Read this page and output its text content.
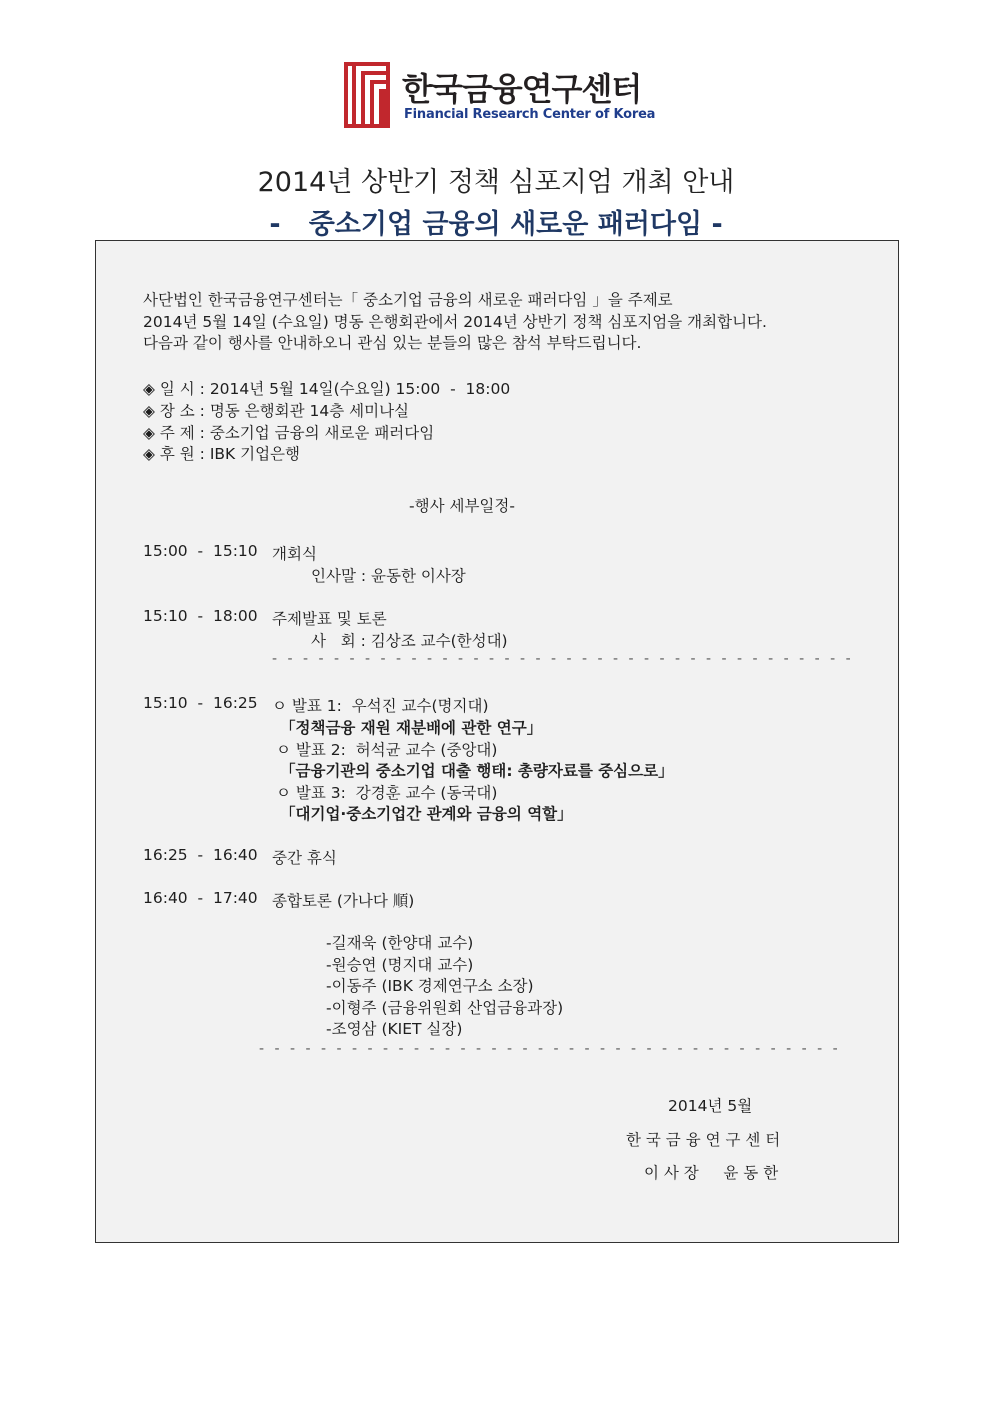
한국금융연구센터
Financial Research Center of Korea
2014년 상반기 정책 심포지엄 개최 안내
-   중소기업 금융의 새로운 패러다임 -
사단법인 한국금융연구센터는「 중소기업 금융의 새로운 패러다임 」을 주제로
2014년 5월 14일 (수요일) 명동 은행회관에서 2014년 상반기 정책 심포지엄을 개최합니다.
다음과 같이 행사를 안내하오니 관심 있는 분들의 많은 참석 부탁드립니다.
◈ 일 시 : 2014년 5월 14일(수요일) 15:00  -  18:00
◈ 장 소 : 명동 은행회관 14층 세미나실
◈ 주 제 : 중소기업 금융의 새로운 패러다임
◈ 후 원 : IBK 기업은행
-행사 세부일정-
15:00  -  15:10 개회식
인사말 : 윤동한 이사장
15:10  -  18:00 주제발표 및 토론
사   회 : 김상조 교수(한성대)
- - - - - - - - - - - - - - - - - - - - - - - - - - - - - - - - - - - - - -
15:10  -  16:25 ㅇ 발표 1:  우석진 교수(명지대)
「정책금융 재원 재분배에 관한 연구」
ㅇ 발표 2:  허석균 교수 (중앙대)
「금융기관의 중소기업 대출 행태: 총량자료를 중심으로」
ㅇ 발표 3:  강경훈 교수 (동국대)
「대기업·중소기업간 관계와 금융의 역할」
16:25  -  16:40 중간 휴식
16:40  -  17:40 종합토론 (가나다 順)
-길재욱 (한양대 교수)
-원승연 (명지대 교수)
-이동주 (IBK 경제연구소 소장)
-이형주 (금융위원회 산업금융과장)
-조영삼 (KIET 실장)
- - - - - - - - - - - - - - - - - - - - - - - - - - - - - - - - - - - - - -
2014년 5월
한 국 금 융 연 구 센 터
이 사 장     윤 동 한
